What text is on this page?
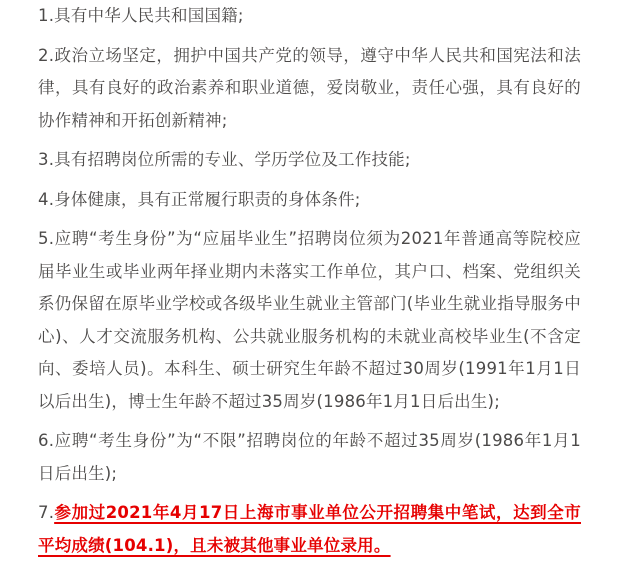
1.具有中华人民共和国国籍;

2.政治立场坚定，拥护中国共产党的领导，遵守中华人民共和国宪法和法律，具有良好的政治素养和职业道德，爱岗敬业，责任心强，具有良好的协作精神和开拓创新精神;

3.具有招聘岗位所需的专业、学历学位及工作技能;

4.身体健康，具有正常履行职责的身体条件;

5.应聘“考生身份”为“应届毕业生”招聘岗位须为2021年普通高等院校应届毕业生或毕业两年择业期内未落实工作单位，其户口、档案、党组织关系仍保留在原毕业学校或各级毕业生就业主管部门(毕业生就业指导服务中心)、人才交流服务机构、公共就业服务机构的未就业高校毕业生(不含定向、委培人员)。本科生、硕士研究生年龄不超过30周岁(1991年1月1日以后出生)，博士生年龄不超过35周岁(1986年1月1日后出生);

6.应聘“考生身份”为“不限”招聘岗位的年龄不超过35周岁(1986年1月1日后出生);

7.参加过2021年4月17日上海市事业单位公开招聘集中笔试，达到全市平均成绩(104.1)，且未被其他事业单位录用。
